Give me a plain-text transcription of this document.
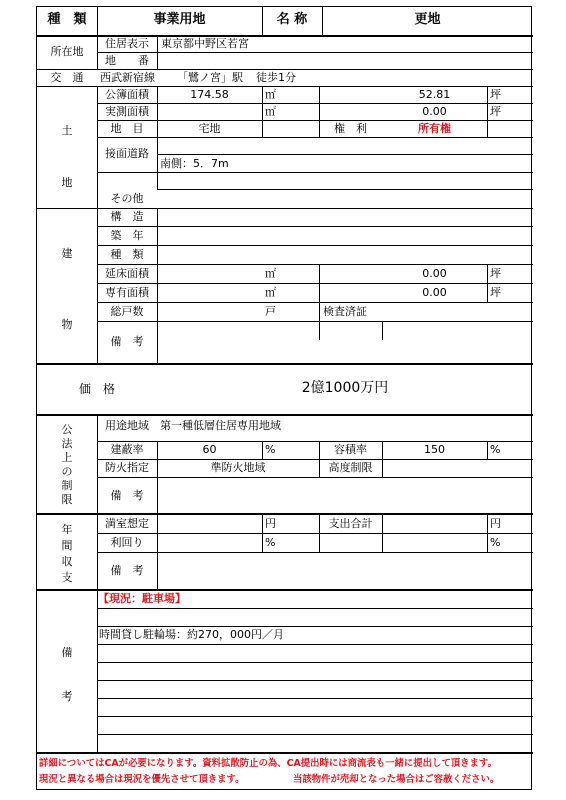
種　類	事業用地	名 称	更地
所在地
住居表示	東京都中野区若宮
地　　番
交　通	西武新宿線 「鷺ノ宮」駅 徒歩1分
土
地
公簿面積	174.58	㎡	52.81	坪
実測面積	㎡	0.00	坪
地　目	宅地	権　利	所有権
接面道路
南側：5．7m
その他
建
物
構　造
築　年
種　類
延床面積	㎡	0.00	坪
専有面積	㎡	0.00	坪
総戸数	戸	検査済証
備　考
価　格	2億1000万円
公
法
上
の
制
限
用途地域	第一種低層住居専用地域
建蔽率	60	%	容積率	150	%
防火指定	準防火地域	高度制限
備　考
年
間
収
支
満室想定	円	支出合計	円
利回り	%	%
備　考
備
考
【現況：駐車場】
時間貸し駐輪場：約270，000円／月
詳細についてはCAが必要になります。資料拡散防止の為、CA提出時には商流表も一緒に提出して頂きます。
現況と異なる場合は現況を優先させて頂きます。	当該物件が売却となった場合はご容赦ください。
